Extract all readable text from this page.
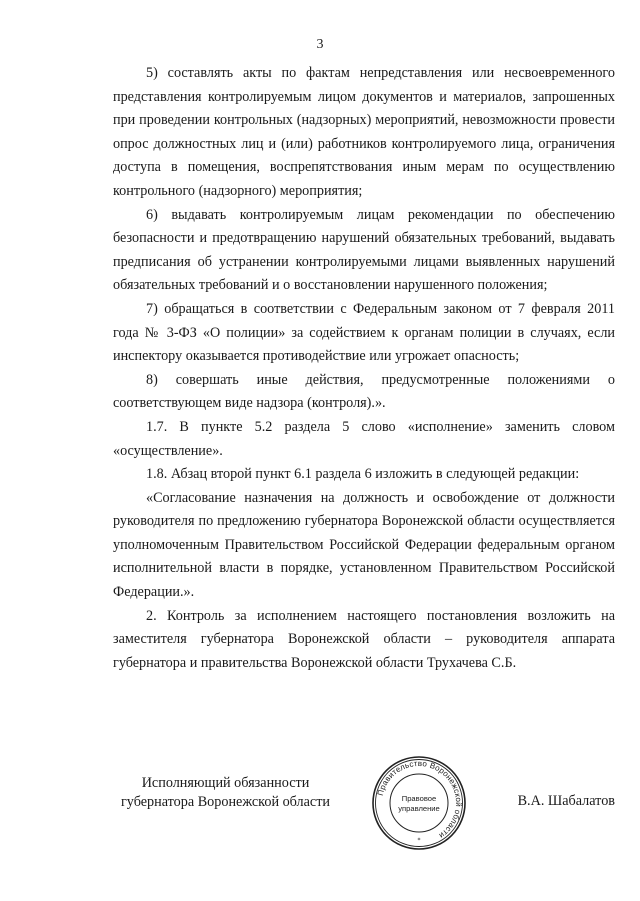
3

5) составлять акты по фактам непредставления или несвоевременного представления контролируемым лицом документов и материалов, запрошенных при проведении контрольных (надзорных) мероприятий, невозможности провести опрос должностных лиц и (или) работников контролируемого лица, ограничения доступа в помещения, воспрепятствования иным мерам по осуществлению контрольного (надзорного) мероприятия;

6) выдавать контролируемым лицам рекомендации по обеспечению безопасности и предотвращению нарушений обязательных требований, выдавать предписания об устранении контролируемыми лицами выявленных нарушений обязательных требований и о восстановлении нарушенного положения;

7) обращаться в соответствии с Федеральным законом от 7 февраля 2011 года № 3-ФЗ «О полиции» за содействием к органам полиции в случаях, если инспектору оказывается противодействие или угрожает опасность;

8) совершать иные действия, предусмотренные положениями о соответствующем виде надзора (контроля).».

1.7. В пункте 5.2 раздела 5 слово «исполнение» заменить словом «осуществление».

1.8. Абзац второй пункт 6.1 раздела 6 изложить в следующей редакции:

«Согласование назначения на должность и освобождение от должности руководителя по предложению губернатора Воронежской области осуществляется уполномоченным Правительством Российской Федерации федеральным органом исполнительной власти в порядке, установленном Правительством Российской Федерации.».

2. Контроль за исполнением настоящего постановления возложить на заместителя губернатора Воронежской области – руководителя аппарата губернатора и правительства Воронежской области Трухачева С.Б.

Исполняющий обязанности
губернатора Воронежской области	В.А. Шабалатов
Правительство Воронежской области
Правовое
управление
*
